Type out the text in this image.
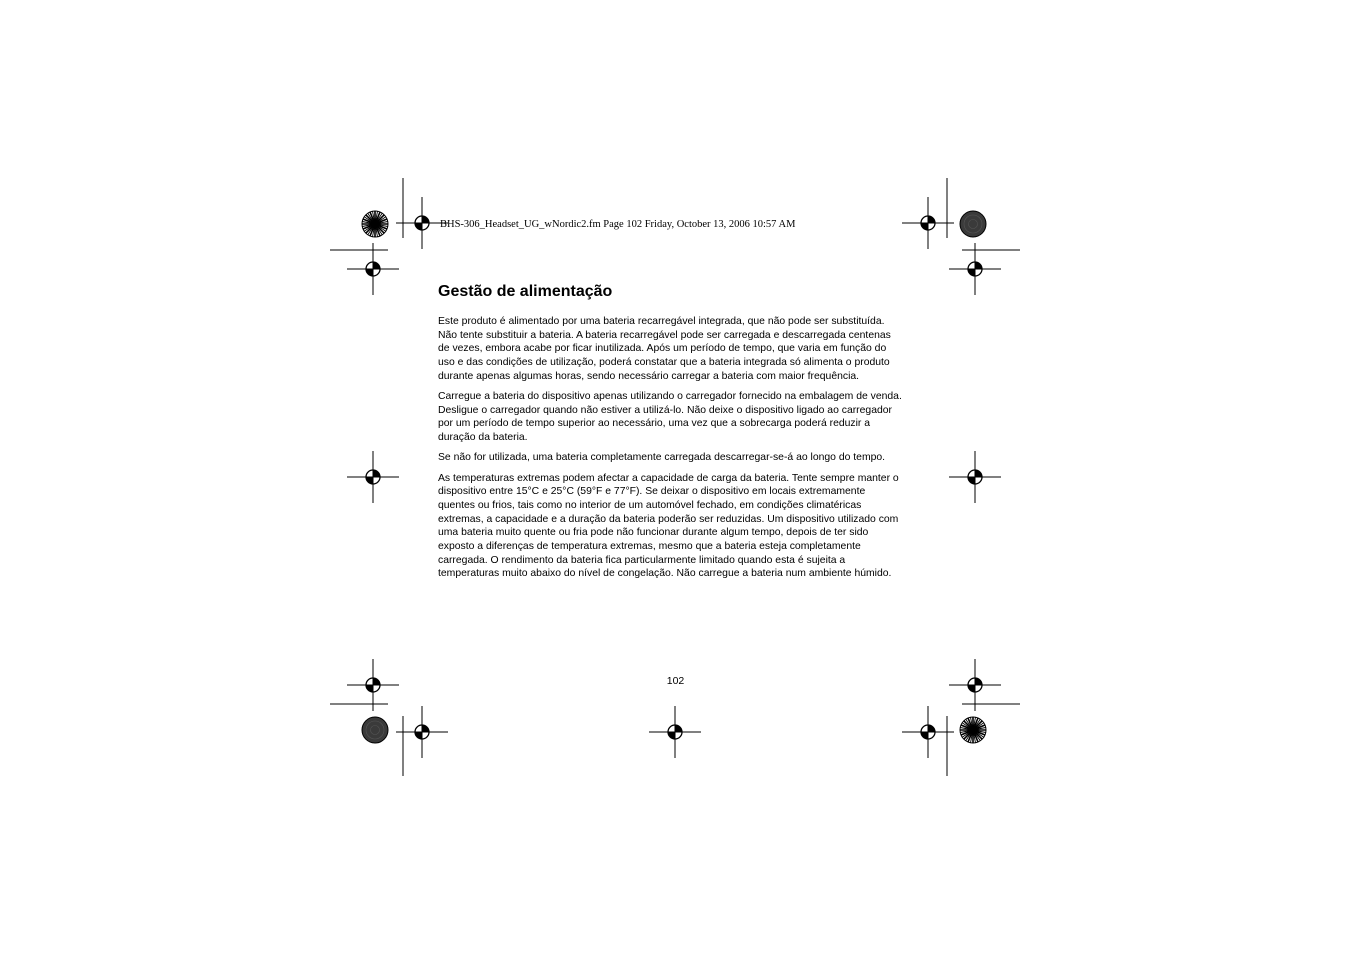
BHS-306_Headset_UG_wNordic2.fm Page 102 Friday, October 13, 2006 10:57 AM
Gestão de alimentação

Este produto é alimentado por uma bateria recarregável integrada, que não pode ser substituída. Não tente substituir a bateria. A bateria recarregável pode ser carregada e descarregada centenas de vezes, embora acabe por ficar inutilizada. Após um período de tempo, que varia em função do uso e das condições de utilização, poderá constatar que a bateria integrada só alimenta o produto durante apenas algumas horas, sendo necessário carregar a bateria com maior frequência.

Carregue a bateria do dispositivo apenas utilizando o carregador fornecido na embalagem de venda. Desligue o carregador quando não estiver a utilizá-lo. Não deixe o dispositivo ligado ao carregador por um período de tempo superior ao necessário, uma vez que a sobrecarga poderá reduzir a duração da bateria.

Se não for utilizada, uma bateria completamente carregada descarregar-se-á ao longo do tempo.

As temperaturas extremas podem afectar a capacidade de carga da bateria. Tente sempre manter o dispositivo entre 15°C e 25°C (59°F e 77°F). Se deixar o dispositivo em locais extremamente quentes ou frios, tais como no interior de um automóvel fechado, em condições climatéricas extremas, a capacidade e a duração da bateria poderão ser reduzidas. Um dispositivo utilizado com uma bateria muito quente ou fria pode não funcionar durante algum tempo, depois de ter sido exposto a diferenças de temperatura extremas, mesmo que a bateria esteja completamente carregada. O rendimento da bateria fica particularmente limitado quando esta é sujeita a temperaturas muito abaixo do nível de congelação. Não carregue a bateria num ambiente húmido.

102
